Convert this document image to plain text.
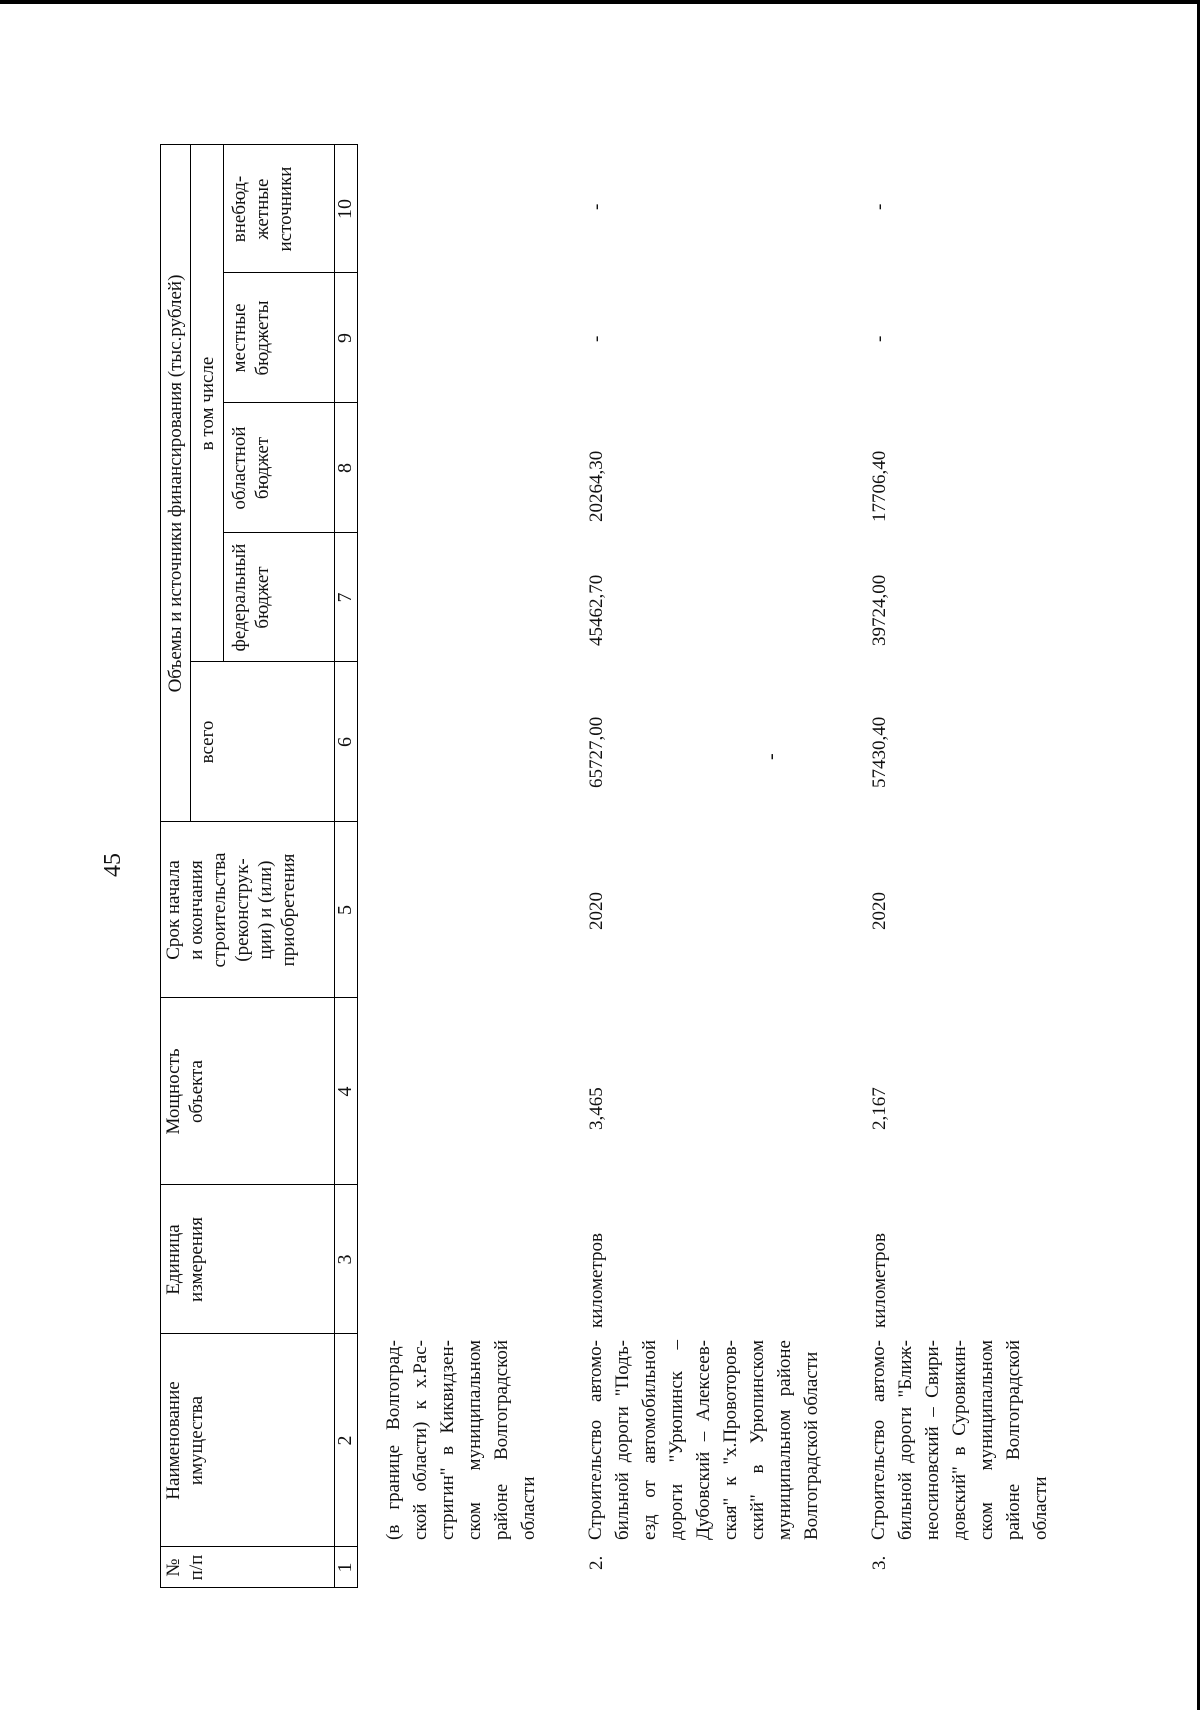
45
№
п/п
Наименование
имущества
Единица
измерения
Мощность
объекта
Срок начала
и окончания
строительства
(реконструк-
ции) и (или)
приобретения
Объемы и источники финансирования (тыс.рублей)
всего
в том числе
федеральный
бюджет
областной
бюджет
местные
бюджеты
внебюд-
жетные
источники
1
2
3
4
5
6
7
8
9
10
(в границе Волгоград- ской области) к х.Рас- стригин" в Киквидзен- ском муниципальном районе Волгоградской области
2.
Строительство автомо- бильной дороги "Подъ- езд от автомобильной дороги "Урюпинск – Дубовский – Алексеев- ская" к "х.Провоторов- ский" в Урюпинском муниципальном районе Волгоградской области
километров
3,465
2020
65727,00
45462,70
20264,30
-
-
-
3.
Строительство автомо- бильной дороги "Ближ- неосиновский – Свири- довский" в Суровикин- ском муниципальном районе Волгоградской области
километров
2,167
2020
57430,40
39724,00
17706,40
-
-
